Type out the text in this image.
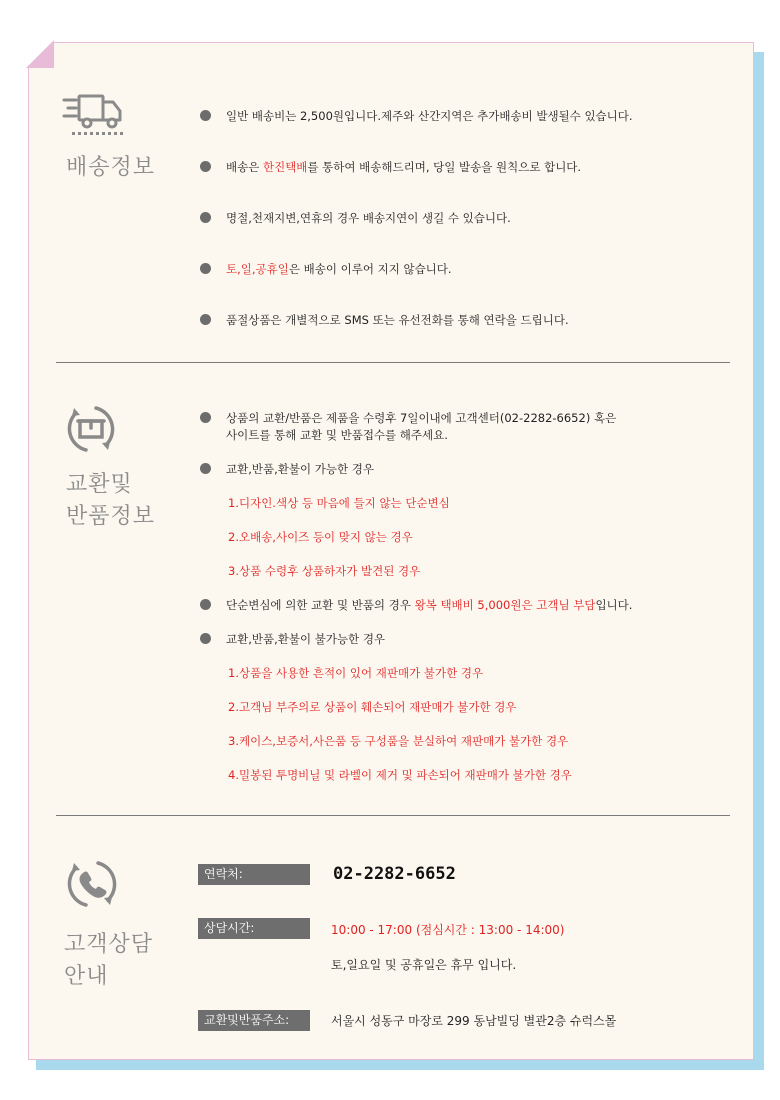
배송정보
일반 배송비는 2,500원입니다.제주와 산간지역은 추가배송비 발생될수 있습니다.
배송은 한진택배를 통하여 배송해드리며, 당일 발송을 원칙으로 합니다.
명절,천재지변,연휴의 경우 배송지연이 생길 수 있습니다.
토,일,공휴일은 배송이 이루어 지지 않습니다.
품절상품은 개별적으로 SMS 또는 유선전화를 통해 연락을 드립니다.
교환및
반품정보
상품의 교환/반품은 제품을 수령후 7일이내에 고객센터(02-2282-6652) 혹은
사이트를 통해 교환 및 반품접수를 해주세요.
교환,반품,환불이 가능한 경우
1.디자인.색상 등 마음에 들지 않는 단순변심
2.오배송,사이즈 등이 맞지 않는 경우
3.상품 수령후 상품하자가 발견된 경우
단순변심에 의한 교환 및 반품의 경우 왕복 택배비 5,000원은 고객님 부담입니다.
교환,반품,환불이 불가능한 경우
1.상품을 사용한 흔적이 있어 재판매가 불가한 경우
2.고객님 부주의로 상품이 훼손되어 재판매가 불가한 경우
3.케이스,보증서,사은품 등 구성품을 분실하여 재판매가 불가한 경우
4.밀봉된 투명비닐 및 라벨이 제거 및 파손되어 재판매가 불가한 경우
고객상담
안내
연락처:	02-2282-6652
상담시간:	10:00 - 17:00 (점심시간 : 13:00 - 14:00)
토,일요일 및 공휴일은 휴무 입니다.
교환및반품주소:	서울시 성동구 마장로 299 동남빌딩 별관2층 슈럭스몰
